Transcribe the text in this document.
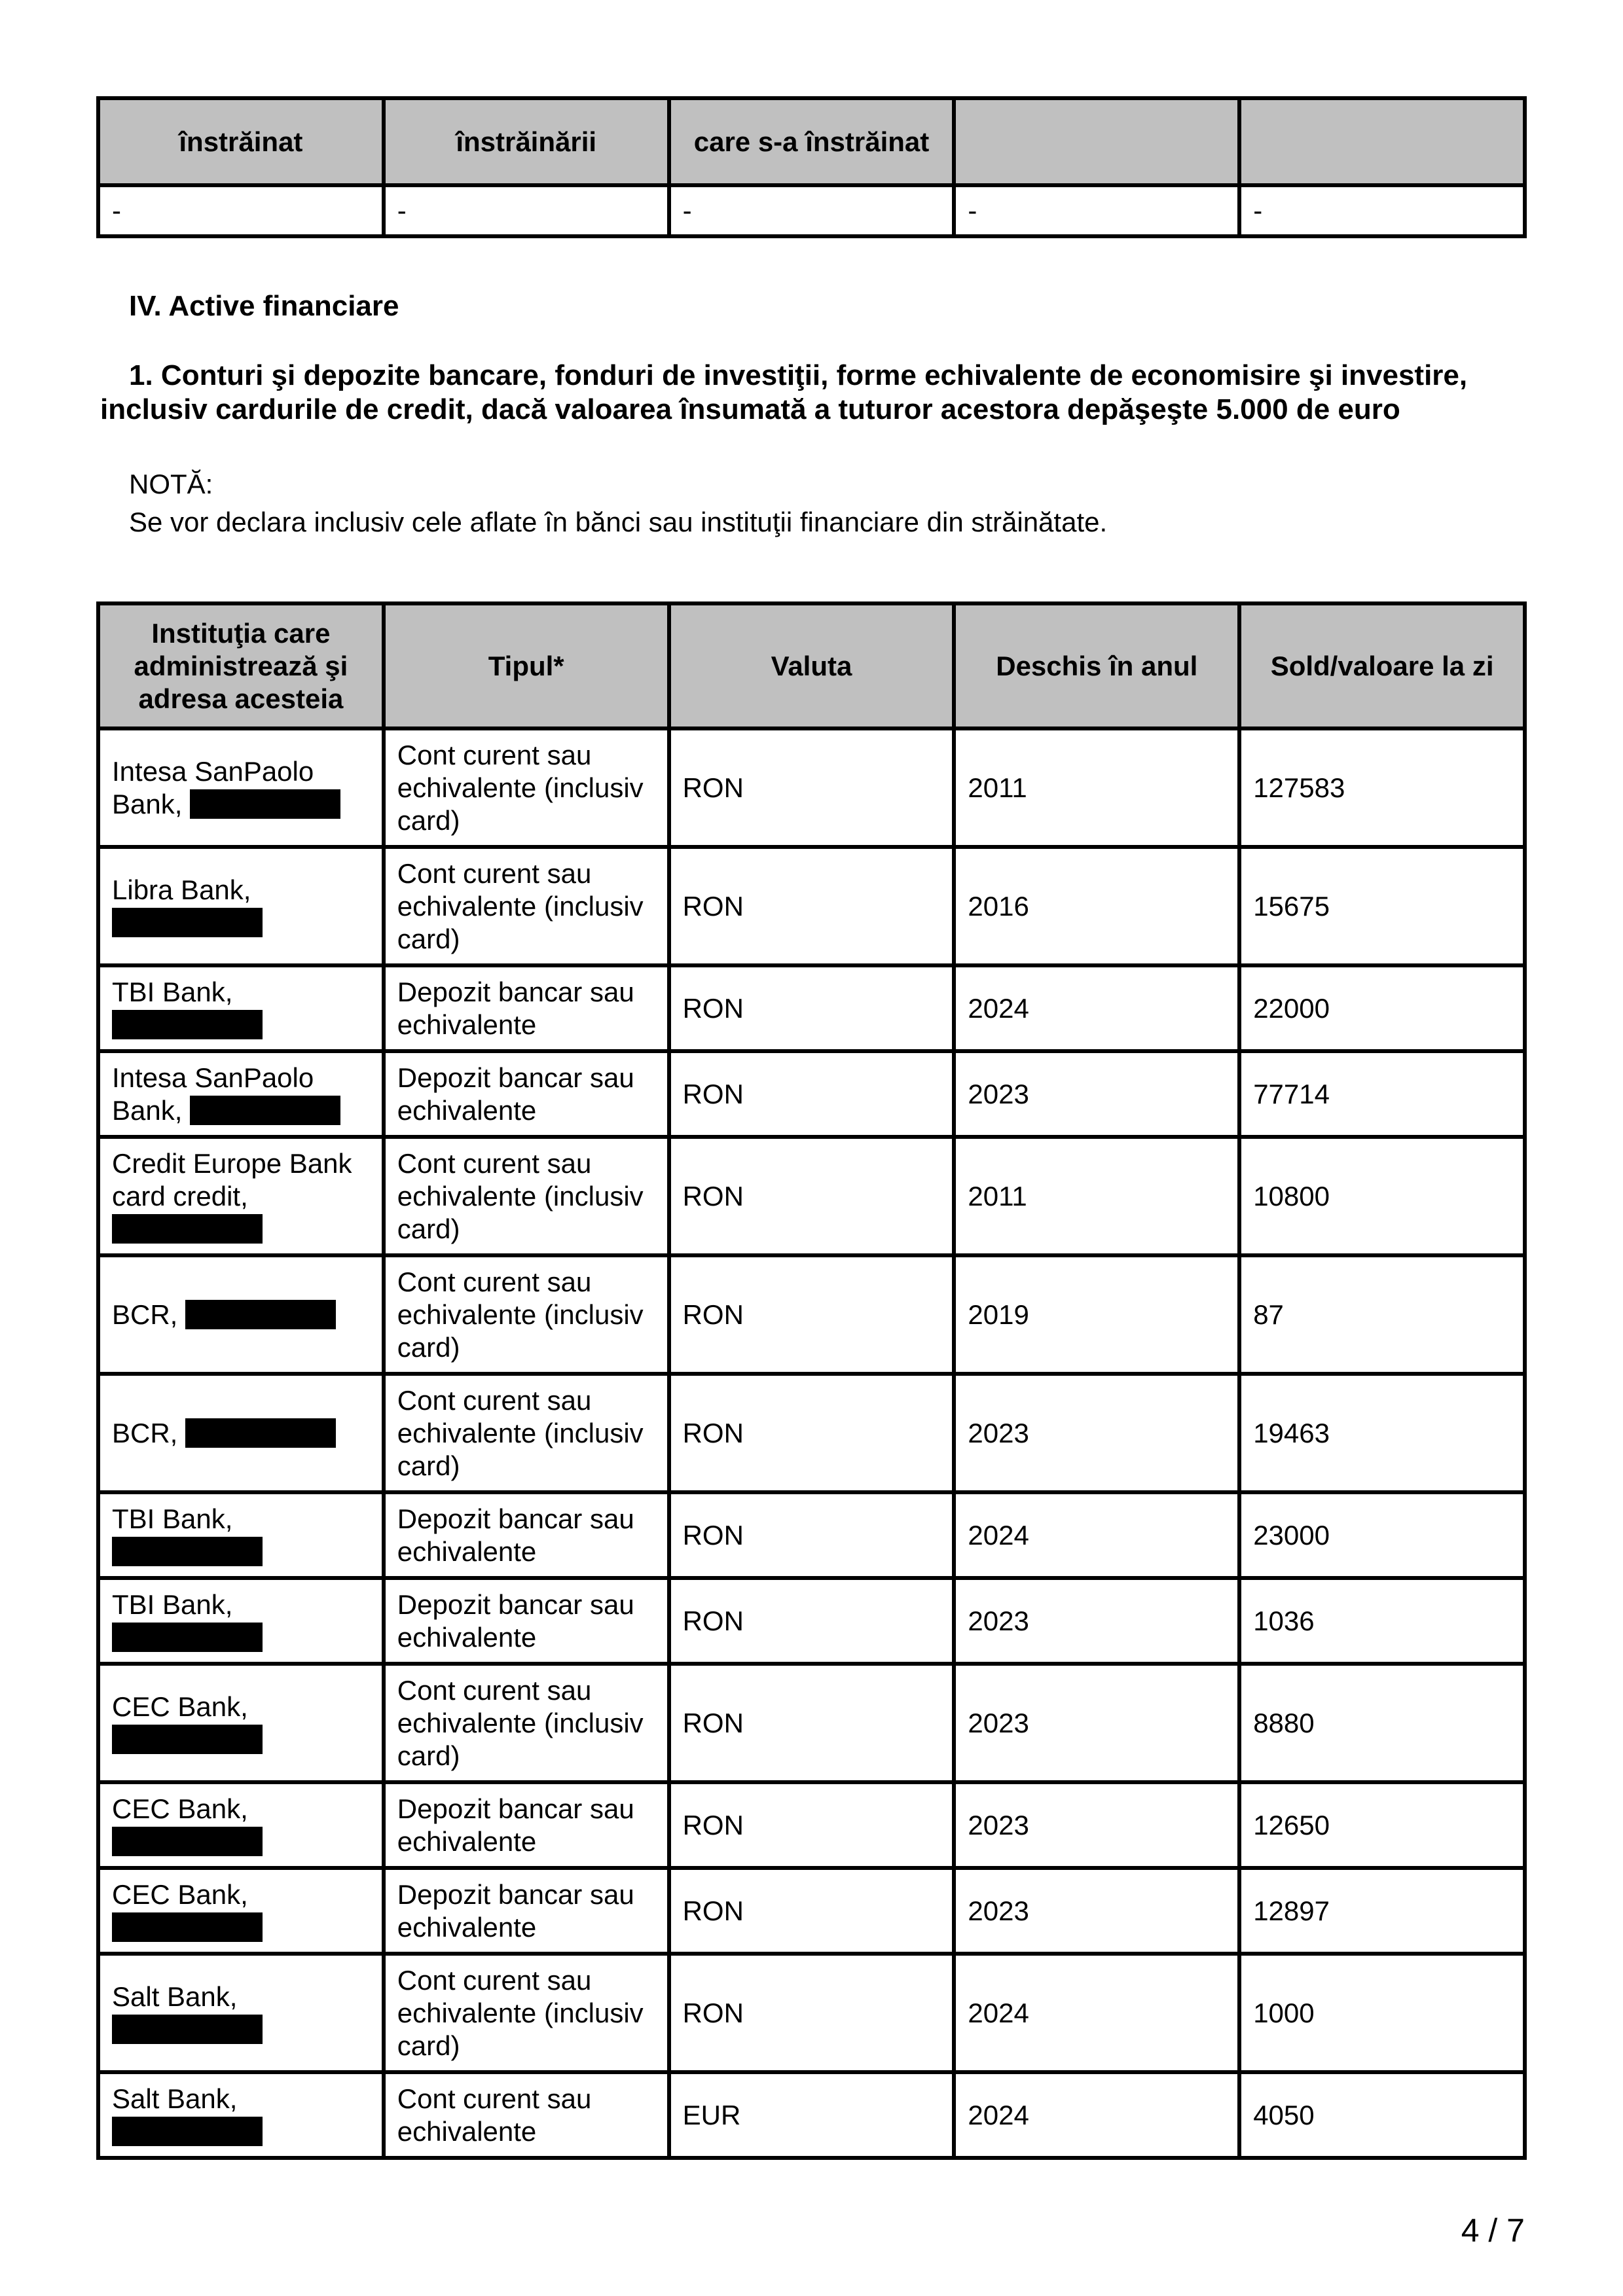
înstrăinat	înstrăinării	care s-a înstrăinat		
-	-	-	-	-
IV. Active financiare
1. Conturi şi depozite bancare, fonduri de investiţii, forme echivalente de economisire şi investire, inclusiv cardurile de credit, dacă valoarea însumată a tuturor acestora depăşeşte 5.000 de euro
NOTĂ:
Se vor declara inclusiv cele aflate în bănci sau instituţii financiare din străinătate.
Instituţia care administrează şi adresa acesteia	Tipul*	Valuta	Deschis în anul	Sold/valoare la zi
Intesa SanPaolo Bank,	Cont curent sau echivalente (inclusiv card)	RON	2011	127583
Libra Bank,	Cont curent sau echivalente (inclusiv card)	RON	2016	15675
TBI Bank,	Depozit bancar sau echivalente	RON	2024	22000
Intesa SanPaolo Bank,	Depozit bancar sau echivalente	RON	2023	77714
Credit Europe Bank card credit,	Cont curent sau echivalente (inclusiv card)	RON	2011	10800
BCR,	Cont curent sau echivalente (inclusiv card)	RON	2019	87
BCR,	Cont curent sau echivalente (inclusiv card)	RON	2023	19463
TBI Bank,	Depozit bancar sau echivalente	RON	2024	23000
TBI Bank,	Depozit bancar sau echivalente	RON	2023	1036
CEC Bank,	Cont curent sau echivalente (inclusiv card)	RON	2023	8880
CEC Bank,	Depozit bancar sau echivalente	RON	2023	12650
CEC Bank,	Depozit bancar sau echivalente	RON	2023	12897
Salt Bank,	Cont curent sau echivalente (inclusiv card)	RON	2024	1000
Salt Bank,	Cont curent sau echivalente	EUR	2024	4050
4 / 7
